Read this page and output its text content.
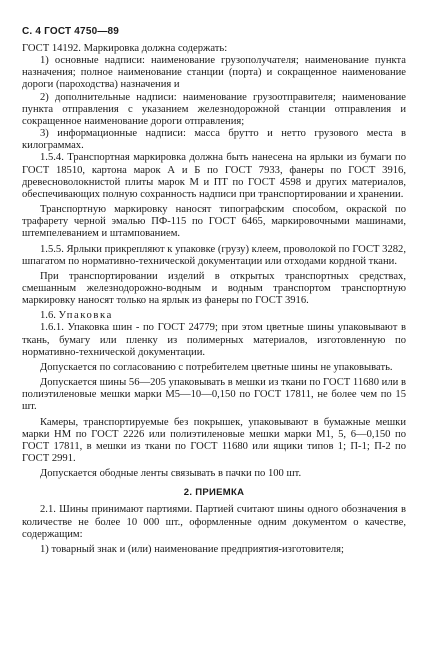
С. 4 ГОСТ 4750—89

ГОСТ 14192. Маркировка должна содержать:

1) основные надписи: наименование грузополучателя; наименование пункта назначения; полное наименование станции (порта) и сокращенное наименование дороги (пароходства) назначения и

2) дополнительные надписи: наименование грузоотправителя; наименование пункта отправления с указанием железнодорожной станции отправления и сокращенное наименование дороги отправления;

3) информационные надписи: масса брутто и нетто грузового места в килограммах.

1.5.4. Транспортная маркировка должна быть нанесена на ярлыки из бумаги по ГОСТ 18510, картона марок А и Б по ГОСТ 7933, фанеры по ГОСТ 3916, древесноволокнистой плиты марок М и ПТ по ГОСТ 4598 и других материалов, обеспечивающих полную сохранность надписи при транспортировании и хранении.

Транспортную маркировку наносят типографским способом, окраской по трафарету черной эмалью ПФ-115 по ГОСТ 6465, маркировочными машинами, штемпелеванием и штампованием.

1.5.5. Ярлыки прикрепляют к упаковке (грузу) клеем, проволокой по ГОСТ 3282, шпагатом по нормативно-технической документации или отходами кордной ткани.

При транспортировании изделий в открытых транспортных средствах, смешанным железнодорожно-водным и водным транспортом транспортную маркировку наносят только на ярлык из фанеры по ГОСТ 3916.

1.6. Упаковка

1.6.1. Упаковка шин - по ГОСТ 24779; при этом цветные шины упаковывают в ткань, бумагу или пленку из полимерных материалов, изготовленную по нормативно-технической документации.

Допускается по согласованию с потребителем цветные шины не упаковывать.

Допускается шины 56—205 упаковывать в мешки из ткани по ГОСТ 11680 или в полиэтиленовые мешки марки М5—10—0,150 по ГОСТ 17811, не более чем по 15 шт.

Камеры, транспортируемые без покрышек, упаковывают в бумажные мешки марки НМ по ГОСТ 2226 или полиэтиленовые мешки марки М1, 5, 6—0,150 по ГОСТ 17811, в мешки из ткани по ГОСТ 11680 или ящики типов 1; П-1; П-2 по ГОСТ 2991.

Допускается ободные ленты связывать в пачки по 100 шт.

2. ПРИЕМКА

2.1. Шины принимают партиями. Партией считают шины одного обозначения в количестве не более 10 000 шт., оформленные одним документом о качестве, содержащим:

1) товарный знак и (или) наименование предприятия-изготовителя;
